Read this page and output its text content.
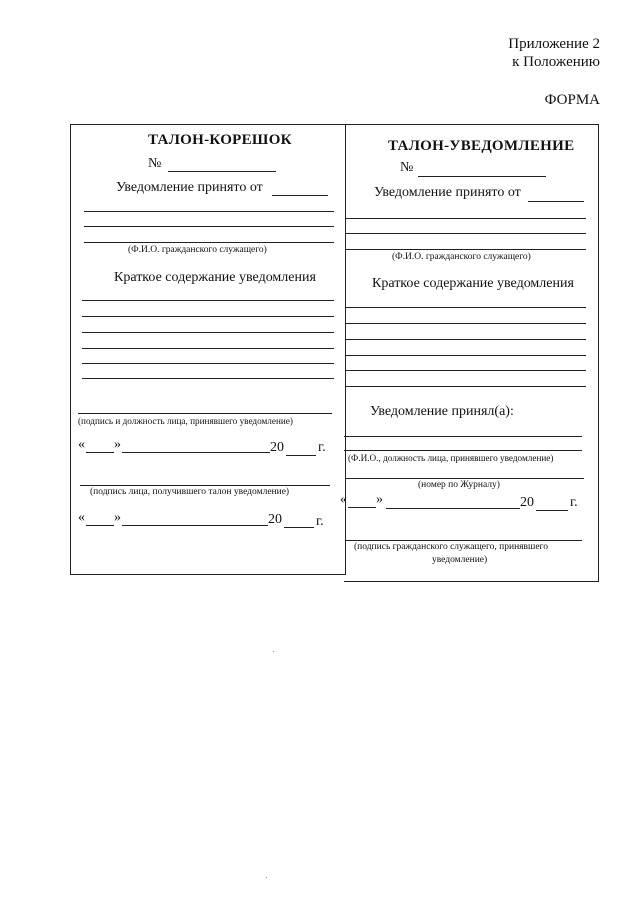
Приложение 2
к Положению
ФОРМА
ТАЛОН-КОРЕШОК
№
Уведомление принято от
(Ф.И.О. гражданского служащего)
Краткое содержание уведомления
(подпись и должность лица, принявшего уведомление)
« »	20 г.
(подпись лица, получившего талон уведомление)
« »	20 г.
ТАЛОН-УВЕДОМЛЕНИЕ
№
Уведомление принято от
(Ф.И.О. гражданского служащего)
Краткое содержание уведомления
Уведомление принял(а):
(Ф.И.О., должность лица, принявшего уведомление)
(номер по Журналу)
« »	20	г.
(подпись гражданского служащего, принявшего
уведомление)
